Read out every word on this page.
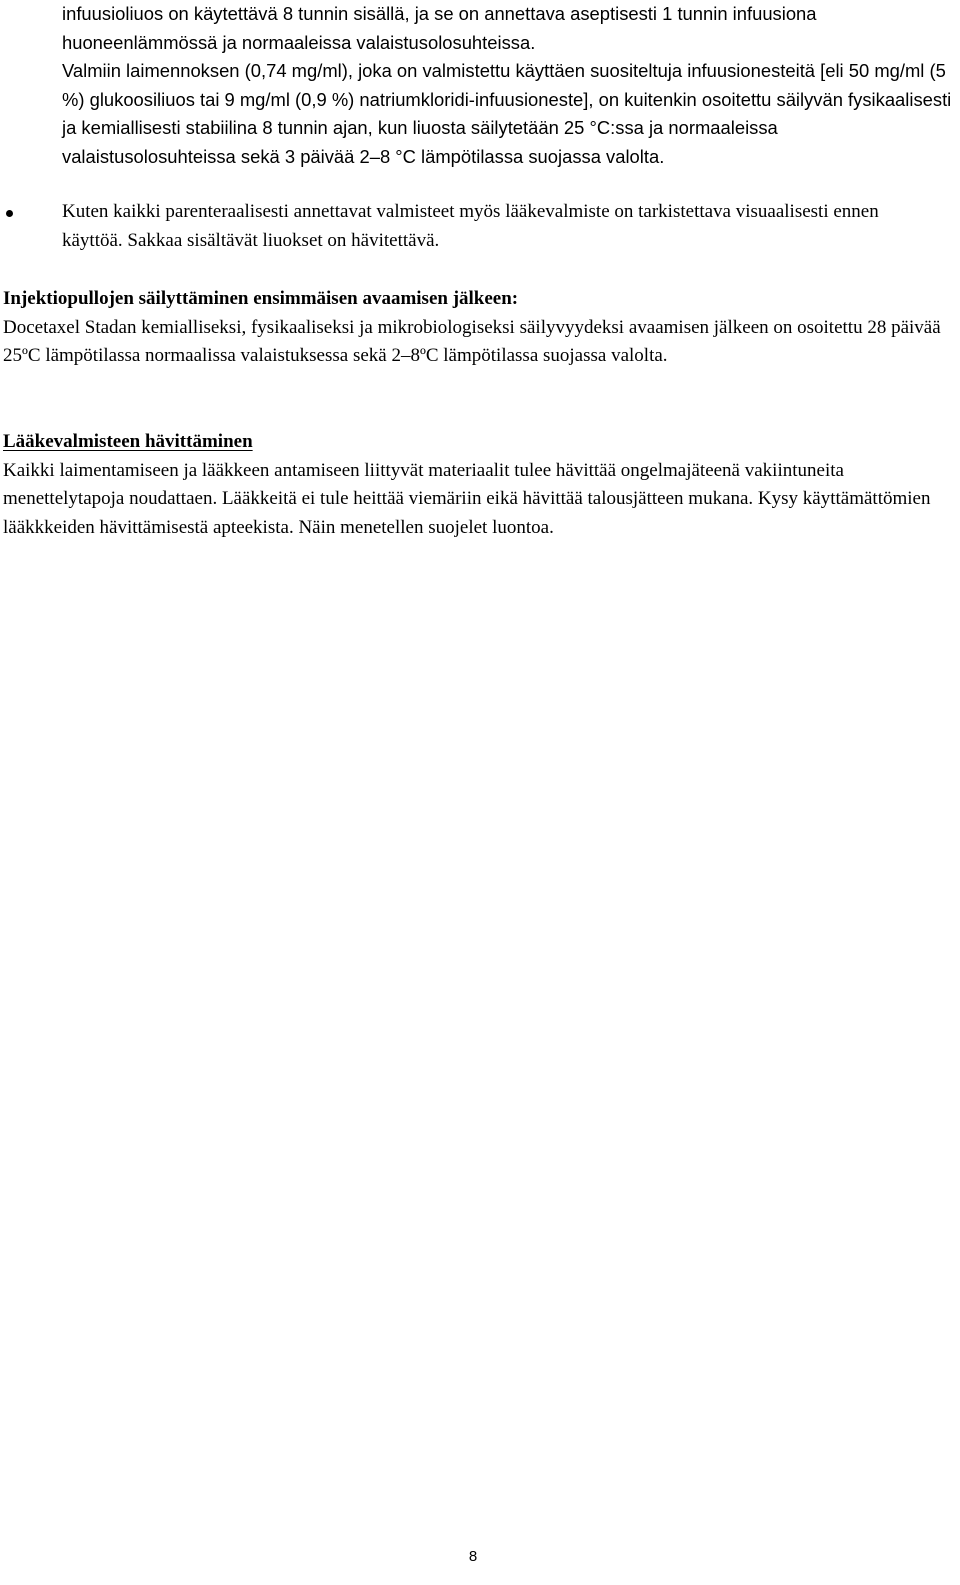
infuusioliuos on käytettävä 8 tunnin sisällä, ja se on annettava aseptisesti 1 tunnin infuusiona huoneenlämmössä ja normaaleissa valaistusolosuhteissa.

Valmiin laimennoksen (0,74 mg/ml), joka on valmistettu käyttäen suositeltuja infuusionesteitä [eli 50 mg/ml (5 %) glukoosiliuos tai 9 mg/ml (0,9 %) natriumkloridi-infuusioneste], on kuitenkin osoitettu säilyvän fysikaalisesti ja kemiallisesti stabiilina 8 tunnin ajan, kun liuosta säilytetään 25 °C:ssa ja normaaleissa valaistusolosuhteissa sekä 3 päivää 2–8 °C lämpötilassa suojassa valolta.

Kuten kaikki parenteraalisesti annettavat valmisteet myös lääkevalmiste on tarkistettava visuaalisesti ennen käyttöä. Sakkaa sisältävät liuokset on hävitettävä.

Injektiopullojen säilyttäminen ensimmäisen avaamisen jälkeen:

Docetaxel Stadan kemialliseksi, fysikaaliseksi ja mikrobiologiseksi säilyvyydeksi avaamisen jälkeen on osoitettu 28 päivää 25ºC lämpötilassa normaalissa valaistuksessa sekä 2–8ºC lämpötilassa suojassa valolta.

Lääkevalmisteen hävittäminen

Kaikki laimentamiseen ja lääkkeen antamiseen liittyvät materiaalit tulee hävittää ongelmajäteenä vakiintuneita menettelytapoja noudattaen. Lääkkeitä ei tule heittää viemäriin eikä hävittää talousjätteen mukana. Kysy käyttämättömien lääkkkeiden hävittämisestä apteekista. Näin menetellen suojelet luontoa.

8
